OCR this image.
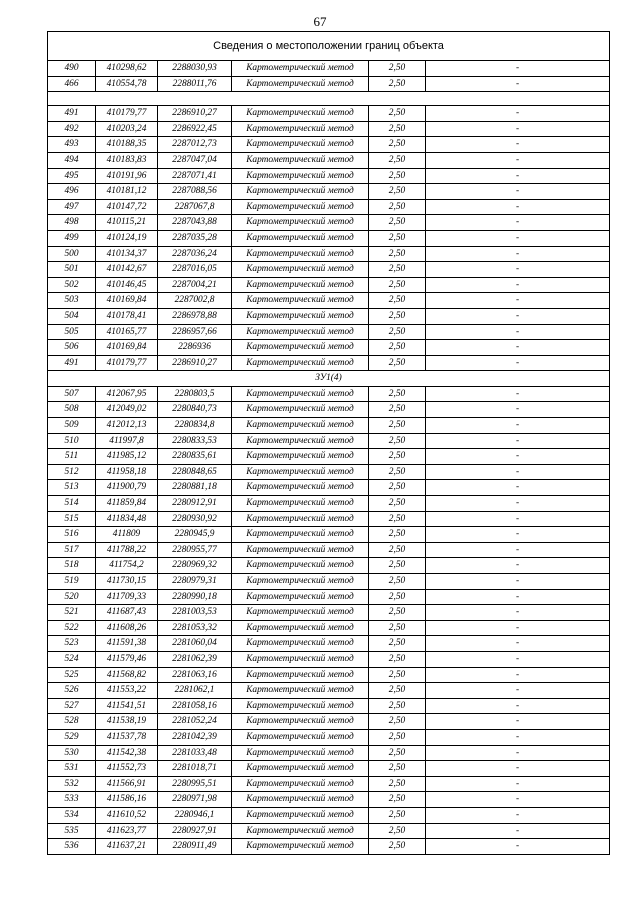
67
Сведения о местоположении границ объекта					
490	410298,62	2288030,93	Картометрический метод	2,50	-
466	410554,78	2288011,76	Картометрический метод	2,50	-

491	410179,77	2286910,27	Картометрический метод	2,50	-
492	410203,24	2286922,45	Картометрический метод	2,50	-
493	410188,35	2287012,73	Картометрический метод	2,50	-
494	410183,83	2287047,04	Картометрический метод	2,50	-
495	410191,96	2287071,41	Картометрический метод	2,50	-
496	410181,12	2287088,56	Картометрический метод	2,50	-
497	410147,72	2287067,8	Картометрический метод	2,50	-
498	410115,21	2287043,88	Картометрический метод	2,50	-
499	410124,19	2287035,28	Картометрический метод	2,50	-
500	410134,37	2287036,24	Картометрический метод	2,50	-
501	410142,67	2287016,05	Картометрический метод	2,50	-
502	410146,45	2287004,21	Картометрический метод	2,50	-
503	410169,84	2287002,8	Картометрический метод	2,50	-
504	410178,41	2286978,88	Картометрический метод	2,50	-
505	410165,77	2286957,66	Картометрический метод	2,50	-
506	410169,84	2286936	Картометрический метод	2,50	-
491	410179,77	2286910,27	Картометрический метод	2,50	-
ЗУ1(4)					
507	412067,95	2280803,5	Картометрический метод	2,50	-
508	412049,02	2280840,73	Картометрический метод	2,50	-
509	412012,13	2280834,8	Картометрический метод	2,50	-
510	411997,8	2280833,53	Картометрический метод	2,50	-
511	411985,12	2280835,61	Картометрический метод	2,50	-
512	411958,18	2280848,65	Картометрический метод	2,50	-
513	411900,79	2280881,18	Картометрический метод	2,50	-
514	411859,84	2280912,91	Картометрический метод	2,50	-
515	411834,48	2280930,92	Картометрический метод	2,50	-
516	411809	2280945,9	Картометрический метод	2,50	-
517	411788,22	2280955,77	Картометрический метод	2,50	-
518	411754,2	2280969,32	Картометрический метод	2,50	-
519	411730,15	2280979,31	Картометрический метод	2,50	-
520	411709,33	2280990,18	Картометрический метод	2,50	-
521	411687,43	2281003,53	Картометрический метод	2,50	-
522	411608,26	2281053,32	Картометрический метод	2,50	-
523	411591,38	2281060,04	Картометрический метод	2,50	-
524	411579,46	2281062,39	Картометрический метод	2,50	-
525	411568,82	2281063,16	Картометрический метод	2,50	-
526	411553,22	2281062,1	Картометрический метод	2,50	-
527	411541,51	2281058,16	Картометрический метод	2,50	-
528	411538,19	2281052,24	Картометрический метод	2,50	-
529	411537,78	2281042,39	Картометрический метод	2,50	-
530	411542,38	2281033,48	Картометрический метод	2,50	-
531	411552,73	2281018,71	Картометрический метод	2,50	-
532	411566,91	2280995,51	Картометрический метод	2,50	-
533	411586,16	2280971,98	Картометрический метод	2,50	-
534	411610,52	2280946,1	Картометрический метод	2,50	-
535	411623,77	2280927,91	Картометрический метод	2,50	-
536	411637,21	2280911,49	Картометрический метод	2,50	-
